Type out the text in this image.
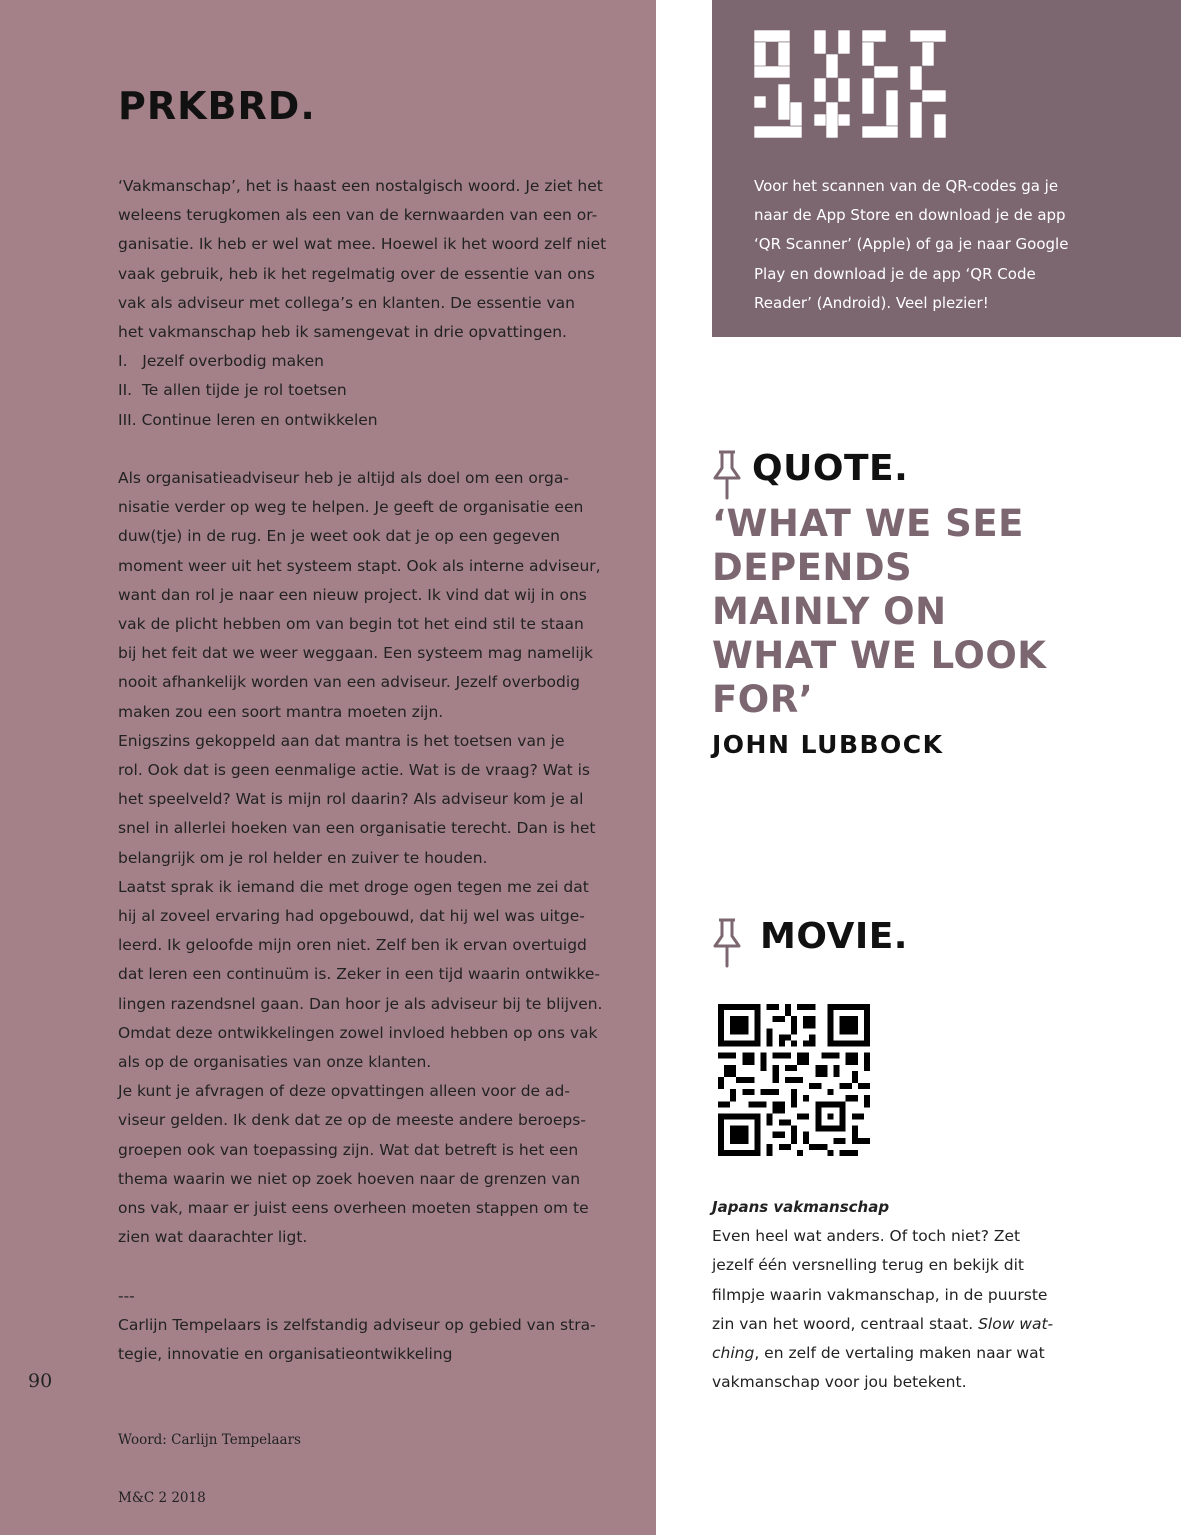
PRKBRD.

‘Vakmanschap’, het is haast een nostalgisch woord. Je ziet het

weleens terugkomen als een van de kernwaarden van een or-

ganisatie. Ik heb er wel wat mee. Hoewel ik het woord zelf niet

vaak gebruik, heb ik het regelmatig over de essentie van ons

vak als adviseur met collega’s en klanten. De essentie van

het vakmanschap heb ik samengevat in drie opvattingen.

I.   Jezelf overbodig maken

II.  Te allen tijde je rol toetsen

III. Continue leren en ontwikkelen

Als organisatieadviseur heb je altijd als doel om een orga-

nisatie verder op weg te helpen. Je geeft de organisatie een

duw(tje) in de rug. En je weet ook dat je op een gegeven

moment weer uit het systeem stapt. Ook als interne adviseur,

want dan rol je naar een nieuw project. Ik vind dat wij in ons

vak de plicht hebben om van begin tot het eind stil te staan

bij het feit dat we weer weggaan. Een systeem mag namelijk

nooit afhankelijk worden van een adviseur. Jezelf overbodig

maken zou een soort mantra moeten zijn.

Enigszins gekoppeld aan dat mantra is het toetsen van je

rol. Ook dat is geen eenmalige actie. Wat is de vraag? Wat is

het speelveld? Wat is mijn rol daarin? Als adviseur kom je al

snel in allerlei hoeken van een organisatie terecht. Dan is het

belangrijk om je rol helder en zuiver te houden.

Laatst sprak ik iemand die met droge ogen tegen me zei dat

hij al zoveel ervaring had opgebouwd, dat hij wel was uitge-

leerd. Ik geloofde mijn oren niet. Zelf ben ik ervan overtuigd

dat leren een continuüm is. Zeker in een tijd waarin ontwikke-

lingen razendsnel gaan. Dan hoor je als adviseur bij te blijven.

Omdat deze ontwikkelingen zowel invloed hebben op ons vak

als op de organisaties van onze klanten.

Je kunt je afvragen of deze opvattingen alleen voor de ad-

viseur gelden. Ik denk dat ze op de meeste andere beroeps-

groepen ook van toepassing zijn. Wat dat betreft is het een

thema waarin we niet op zoek hoeven naar de grenzen van

ons vak, maar er juist eens overheen moeten stappen om te

zien wat daarachter ligt.

---

Carlijn Tempelaars is zelfstandig adviseur op gebied van stra-

tegie, innovatie en organisatieontwikkeling

90
Woord: Carlijn Tempelaars
M&C 2 2018
Voor het scannen van de QR-codes ga je
naar de App Store en download je de app
‘QR Scanner’ (Apple) of ga je naar Google
Play en download je de app ‘QR Code
Reader’ (Android). Veel plezier!
QUOTE.
‘WHAT WE SEE
DEPENDS
MAINLY ON
WHAT WE LOOK
FOR’
JOHN LUBBOCK
MOVIE.
Japans vakmanschap
Even heel wat anders. Of toch niet? Zet
jezelf één versnelling terug en bekijk dit
filmpje waarin vakmanschap, in de puurste
zin van het woord, centraal staat. Slow wat-
ching, en zelf de vertaling maken naar wat
vakmanschap voor jou betekent.
